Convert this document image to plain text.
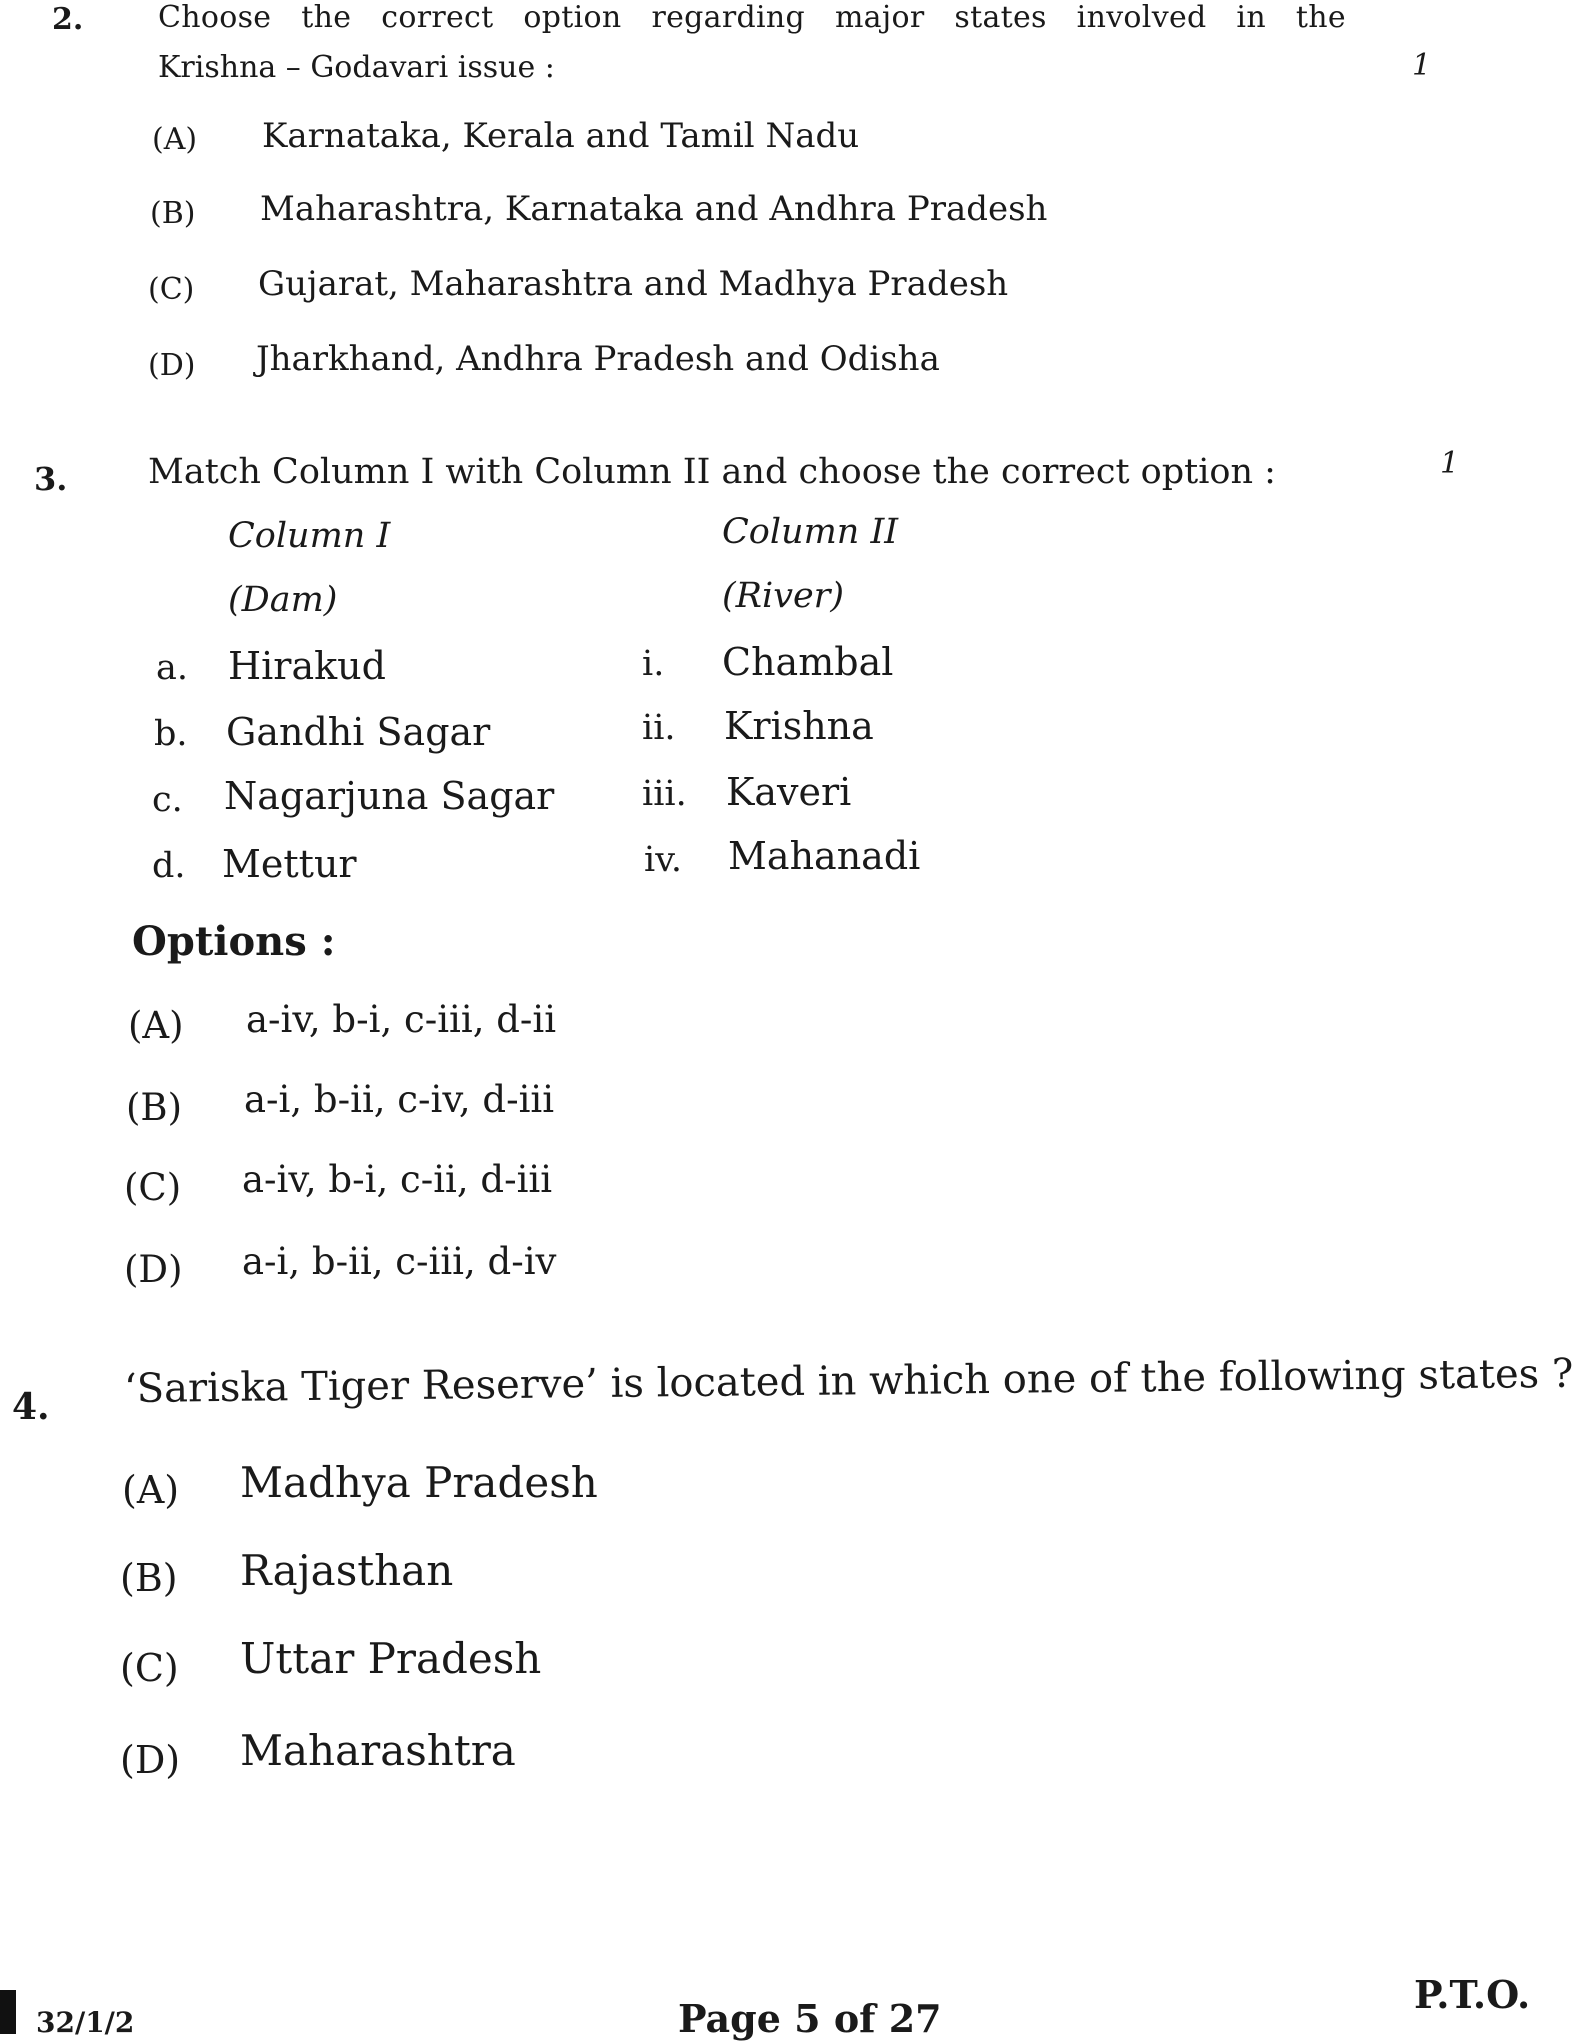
2. Choose the correct option regarding major states involved in the
Krishna – Godavari issue :	1
(A) Karnataka, Kerala and Tamil Nadu
(B) Maharashtra, Karnataka and Andhra Pradesh
(C) Gujarat, Maharashtra and Madhya Pradesh
(D) Jharkhand, Andhra Pradesh and Odisha
3. Match Column I with Column II and choose the correct option :	1
Column I	Column II
(Dam)	(River)
a. Hirakud	i. Chambal
b. Gandhi Sagar	ii. Krishna
c. Nagarjuna Sagar	iii. Kaveri
d. Mettur	iv. Mahanadi
Options :
(A) a-iv, b-i, c-iii, d-ii
(B) a-i, b-ii, c-iv, d-iii
(C) a-iv, b-i, c-ii, d-iii
(D) a-i, b-ii, c-iii, d-iv
4. ‘Sariska Tiger Reserve’ is located in which one of the following states ?
(A) Madhya Pradesh
(B) Rajasthan
(C) Uttar Pradesh
(D) Maharashtra
32/1/2	Page 5 of 27
P.T.O.
